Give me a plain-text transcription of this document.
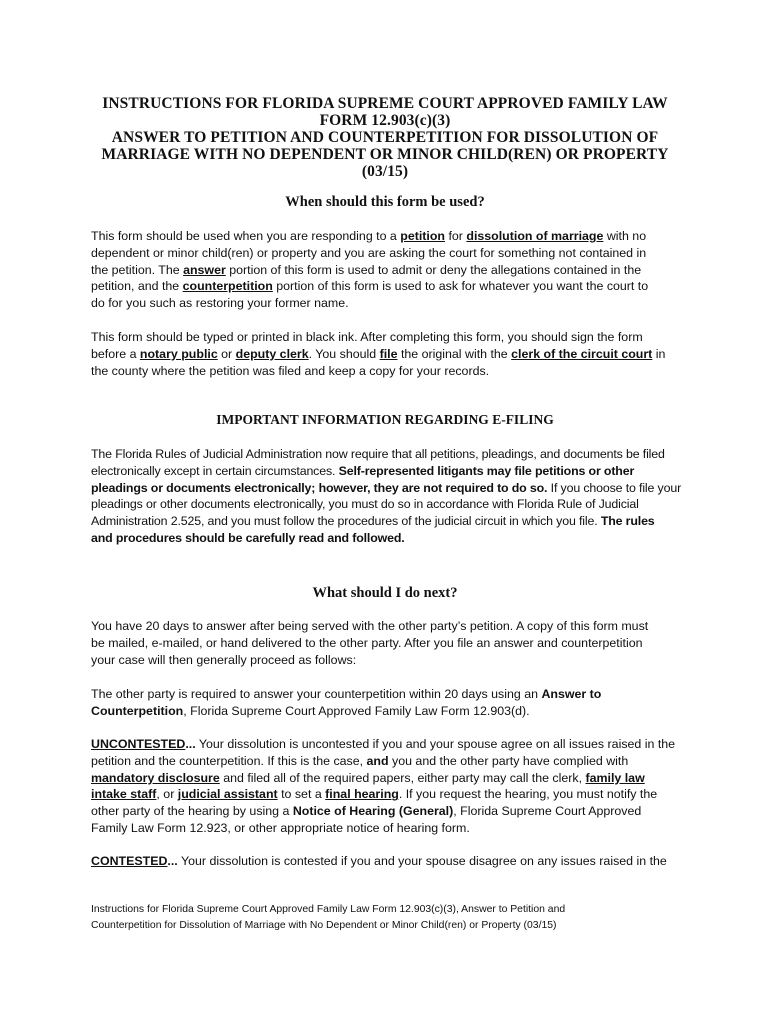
INSTRUCTIONS FOR FLORIDA SUPREME COURT APPROVED FAMILY LAW
FORM 12.903(c)(3)
ANSWER TO PETITION AND COUNTERPETITION FOR DISSOLUTION OF
MARRIAGE WITH NO DEPENDENT OR MINOR CHILD(REN) OR PROPERTY
(03/15)
When should this form be used?
This form should be used when you are responding to a petition for dissolution of marriage with no
dependent or minor child(ren) or property and you are asking the court for something not contained in
the petition. The answer portion of this form is used to admit or deny the allegations contained in the
petition, and the counterpetition portion of this form is used to ask for whatever you want the court to
do for you such as restoring your former name.
This form should be typed or printed in black ink. After completing this form, you should sign the form
before a notary public or deputy clerk. You should file the original with the clerk of the circuit court in
the county where the petition was filed and keep a copy for your records.
IMPORTANT INFORMATION REGARDING E-FILING
The Florida Rules of Judicial Administration now require that all petitions, pleadings, and documents be filed
electronically except in certain circumstances. Self-represented litigants may file petitions or other
pleadings or documents electronically; however, they are not required to do so. If you choose to file your
pleadings or other documents electronically, you must do so in accordance with Florida Rule of Judicial
Administration 2.525, and you must follow the procedures of the judicial circuit in which you file. The rules
and procedures should be carefully read and followed.
What should I do next?
You have 20 days to answer after being served with the other party’s petition. A copy of this form must
be mailed, e-mailed, or hand delivered to the other party. After you file an answer and counterpetition
your case will then generally proceed as follows:
The other party is required to answer your counterpetition within 20 days using an Answer to
Counterpetition, Florida Supreme Court Approved Family Law Form 12.903(d).
UNCONTESTED... Your dissolution is uncontested if you and your spouse agree on all issues raised in the
petition and the counterpetition. If this is the case, and you and the other party have complied with
mandatory disclosure and filed all of the required papers, either party may call the clerk, family law
intake staff, or judicial assistant to set a final hearing. If you request the hearing, you must notify the
other party of the hearing by using a Notice of Hearing (General), Florida Supreme Court Approved
Family Law Form 12.923, or other appropriate notice of hearing form.
CONTESTED... Your dissolution is contested if you and your spouse disagree on any issues raised in the
Instructions for Florida Supreme Court Approved Family Law Form 12.903(c)(3), Answer to Petition and
Counterpetition for Dissolution of Marriage with No Dependent or Minor Child(ren) or Property (03/15)
